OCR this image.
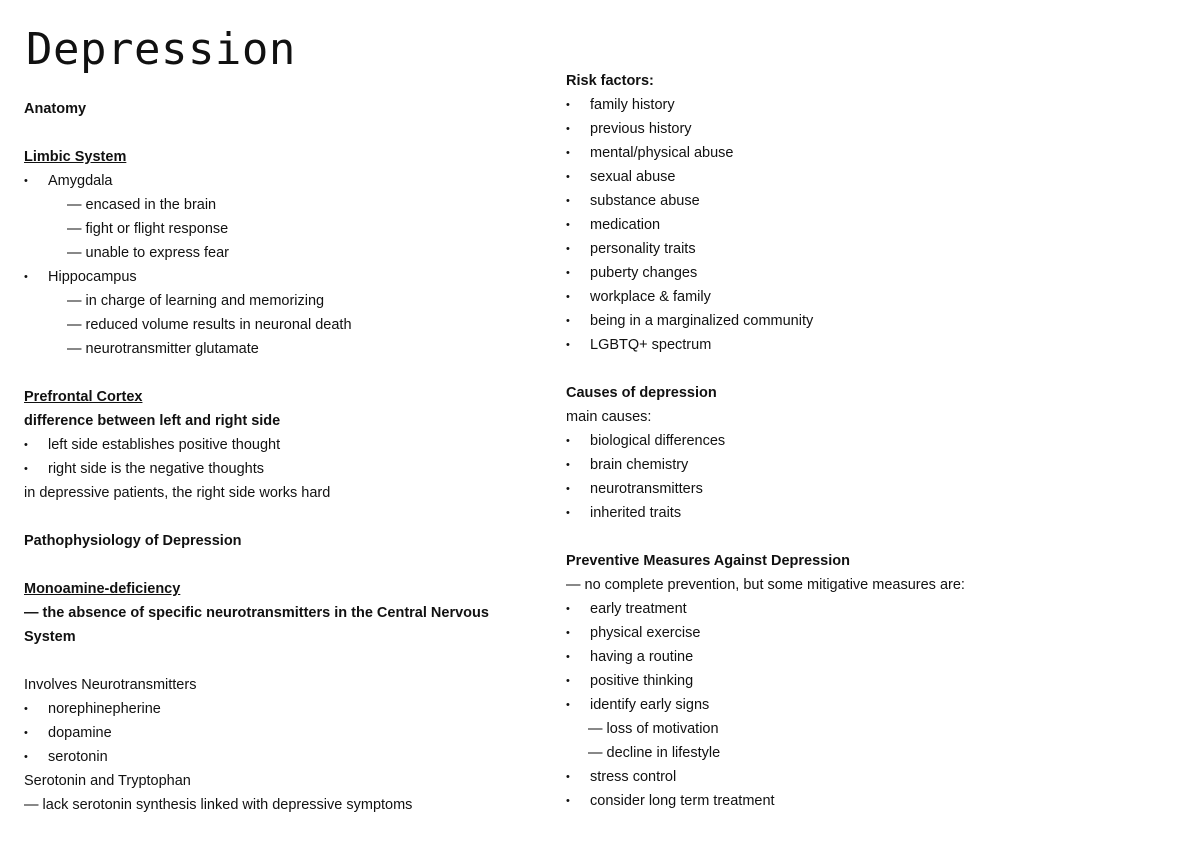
Depression
Anatomy
Limbic System
• Amygdala
— encased in the brain
— fight or flight response
— unable to express fear
• Hippocampus
— in charge of learning and memorizing
— reduced volume results in neuronal death
— neurotransmitter glutamate
Prefrontal Cortex
difference between left and right side
• left side establishes positive thought
• right side is the negative thoughts
in depressive patients, the right side works hard
Pathophysiology of Depression
Monoamine-deficiency
— the absence of specific neurotransmitters in the Central Nervous
System
Involves Neurotransmitters
• norephinepherine
• dopamine
• serotonin
Serotonin and Tryptophan
— lack serotonin synthesis linked with depressive symptoms
Risk factors:
• family history
• previous history
• mental/physical abuse
• sexual abuse
• substance abuse
• medication
• personality traits
• puberty changes
• workplace & family
• being in a marginalized community
• LGBTQ+ spectrum
Causes of depression
main causes:
• biological differences
• brain chemistry
• neurotransmitters
• inherited traits
Preventive Measures Against Depression
— no complete prevention, but some mitigative measures are:
• early treatment
• physical exercise
• having a routine
• positive thinking
• identify early signs
— loss of motivation
— decline in lifestyle
• stress control
• consider long term treatment
